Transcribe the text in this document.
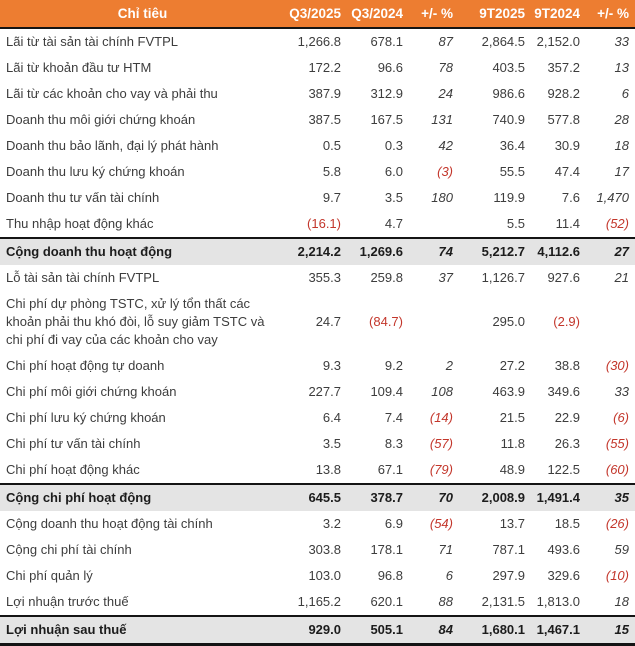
Chỉ tiêu	Q3/2025	Q3/2024	+/- %	9T2025	9T2024	+/- %
Lãi từ tài sản tài chính FVTPL	1,266.8	678.1	87	2,864.5	2,152.0	33
Lãi từ khoản đầu tư HTM	172.2	96.6	78	403.5	357.2	13
Lãi từ các khoản cho vay và phải thu	387.9	312.9	24	986.6	928.2	6
Doanh thu môi giới chứng khoán	387.5	167.5	131	740.9	577.8	28
Doanh thu bảo lãnh, đại lý phát hành	0.5	0.3	42	36.4	30.9	18
Doanh thu lưu ký chứng khoán	5.8	6.0	(3)	55.5	47.4	17
Doanh thu tư vấn tài chính	9.7	3.5	180	119.9	7.6	1,470
Thu nhập hoạt động khác	(16.1)	4.7		5.5	11.4	(52)
Cộng doanh thu hoạt động	2,214.2	1,269.6	74	5,212.7	4,112.6	27
Lỗ tài sản tài chính FVTPL	355.3	259.8	37	1,126.7	927.6	21
Chi phí dự phòng TSTC, xử lý tổn thất các khoản phải thu khó đòi, lỗ suy giảm TSTC và chi phí đi vay của các khoản cho vay	24.7	(84.7)		295.0	(2.9)	
Chi phí hoạt động tự doanh	9.3	9.2	2	27.2	38.8	(30)
Chi phí môi giới chứng khoán	227.7	109.4	108	463.9	349.6	33
Chi phí lưu ký chứng khoán	6.4	7.4	(14)	21.5	22.9	(6)
Chi phí tư vấn tài chính	3.5	8.3	(57)	11.8	26.3	(55)
Chi phí hoạt động khác	13.8	67.1	(79)	48.9	122.5	(60)
Cộng chi phí hoạt động	645.5	378.7	70	2,008.9	1,491.4	35
Cộng doanh thu hoạt động tài chính	3.2	6.9	(54)	13.7	18.5	(26)
Cộng chi phí tài chính	303.8	178.1	71	787.1	493.6	59
Chi phí quản lý	103.0	96.8	6	297.9	329.6	(10)
Lợi nhuận trước thuế	1,165.2	620.1	88	2,131.5	1,813.0	18
Lợi nhuận sau thuế	929.0	505.1	84	1,680.1	1,467.1	15
